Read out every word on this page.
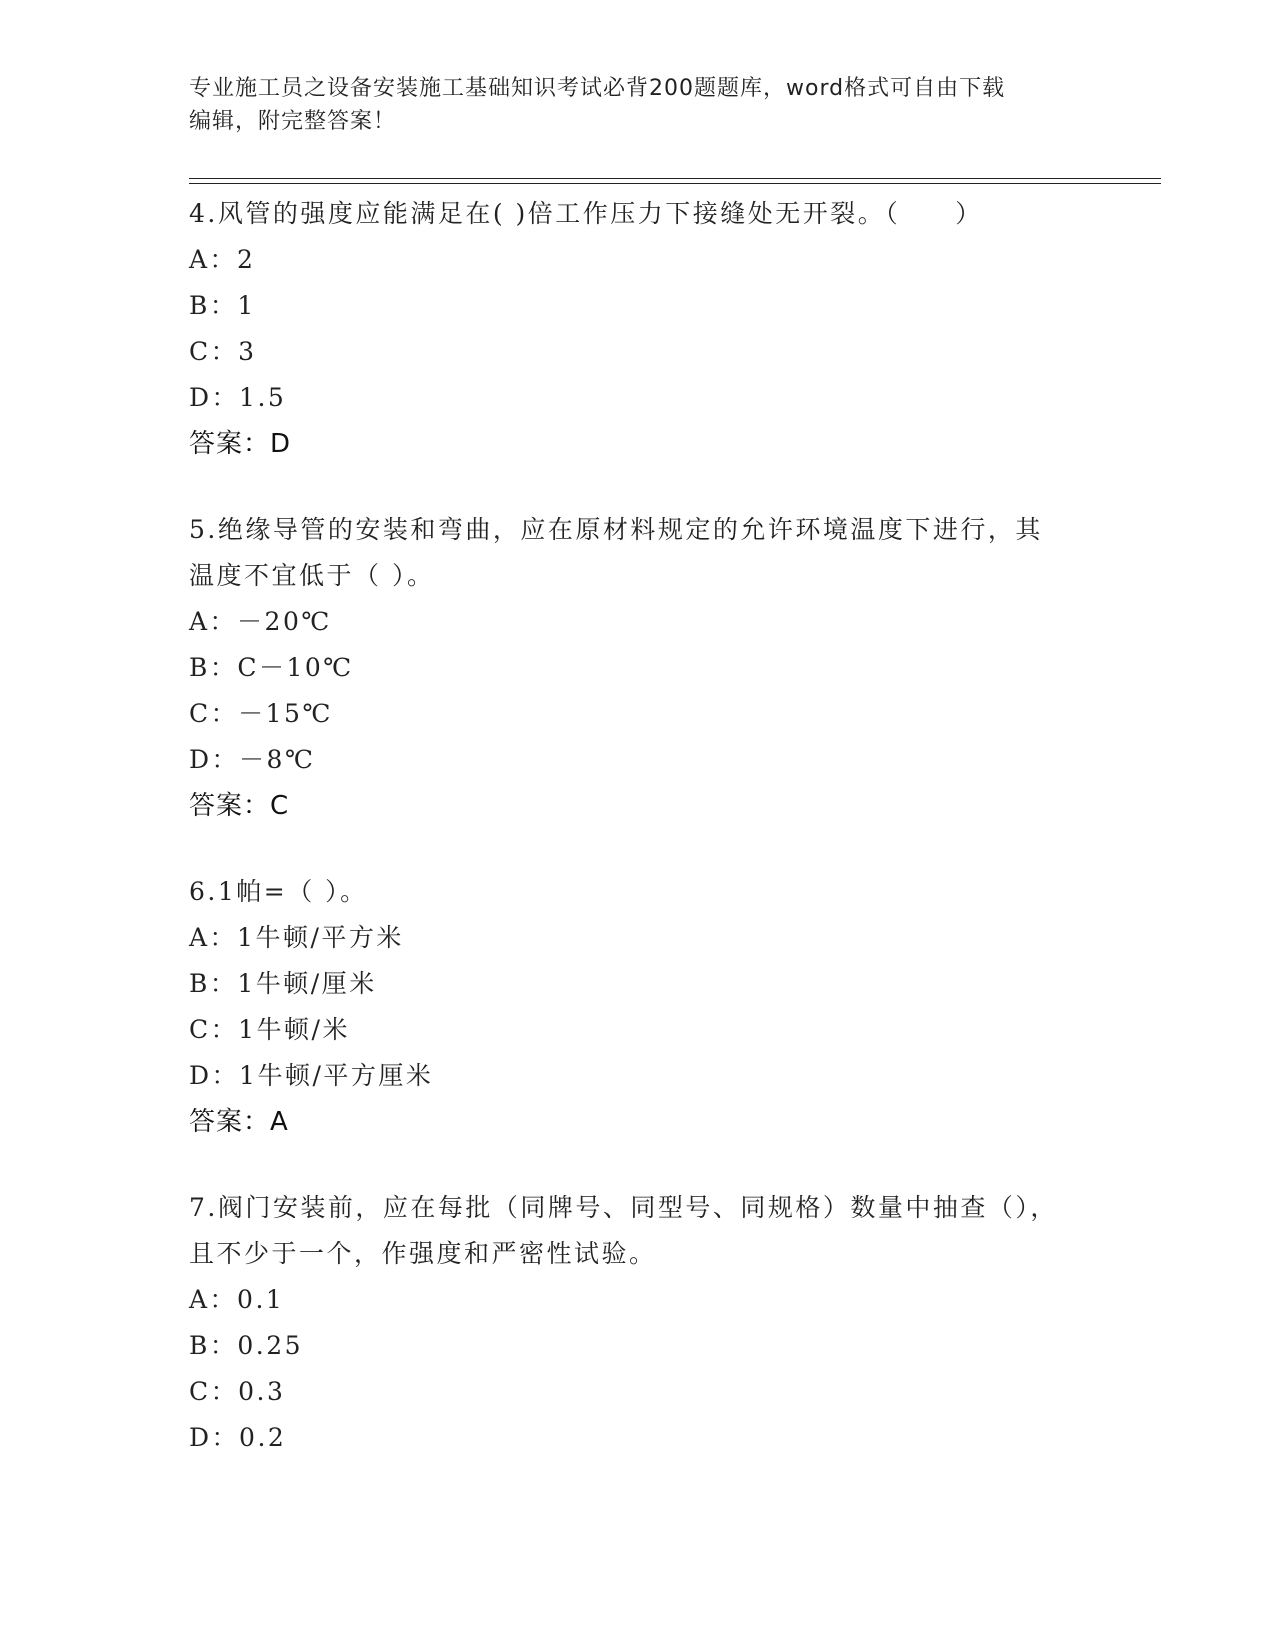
专业施工员之设备安装施工基础知识考试必背200题题库，word格式可自由下载
编辑，附完整答案！
4.风管的强度应能满足在( )倍工作压力下接缝处无开裂。（　　）
A：2
B：1
C：3
D：1.5
答案：D
5.绝缘导管的安装和弯曲，应在原材料规定的允许环境温度下进行，其温度不宜低于（ ）。
A：－20℃
B：C－10℃
C：－15℃
D：－8℃
答案：C
6.1帕=（ ）。
A：1牛顿/平方米
B：1牛顿/厘米
C：1牛顿/米
D：1牛顿/平方厘米
答案：A
7.阀门安装前，应在每批（同牌号、同型号、同规格）数量中抽查（），且不少于一个，作强度和严密性试验。
A：0.1
B：0.25
C：0.3
D：0.2
